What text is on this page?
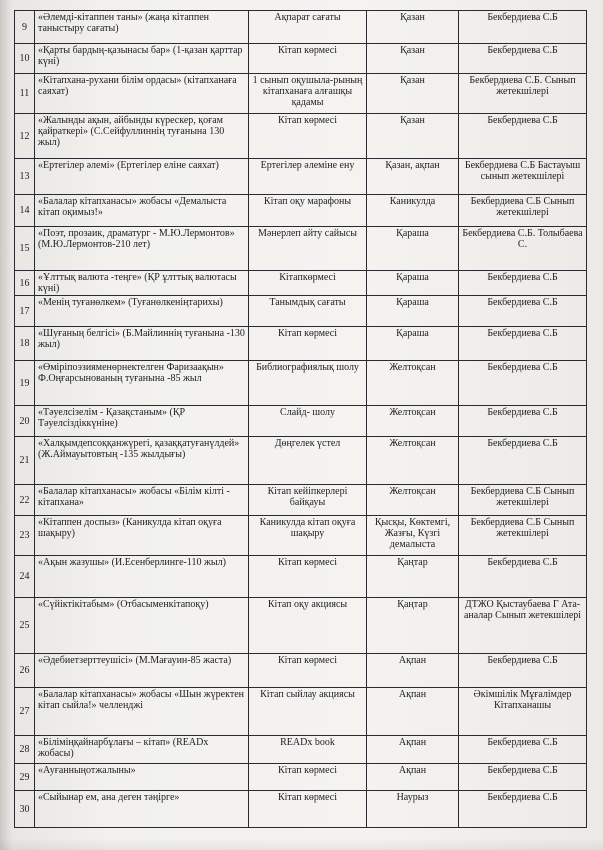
9	«Әлемді-кітаппен таны» (жаңа кітаппен таныстыру сағаты)	Ақпарат сағаты	Қазан	Бекбердиева С.Б
10	«Қарты бардың-қазынасы бар» (1-қазан қарттар күні)	Кітап көрмесі	Қазан	Бекбердиева С.Б
11	«Кітапхана-рухани білім ордасы» (кітапханаға саяхат)	1 сынып оқушыла-рының кітапханаға алғашқы қадамы	Қазан	Бекбердиева С.Б. Сынып жетекшілері
12	«Жалынды ақын, айбынды күрескер, қоғам қайраткері» (С.Сейфуллиннің туғанына 130 жыл)	Кітап көрмесі	Қазан	Бекбердиева С.Б
13	«Ертегілер әлемі» (Ертегілер еліне саяхат)	Ертегілер әлеміне ену	Қазан, ақпан	Бекбердиева С.Б Бастауыш сынып жетекшілері
14	«Балалар кітапханасы» жобасы «Демалыста кітап оқимыз!»	Кітап оқу марафоны	Каникулда	Бекбердиева С.Б Сынып жетекшілері
15	«Поэт, прозаик, драматург - М.Ю.Лермонтов» (М.Ю.Лермонтов-210 лет)	Мәнерлеп айту сайысы	Қараша	Бекбердиева С.Б. Толыбаева С.
16	«Ұлттық валюта -теңге» (ҚР ұлттық валютасы күні)	Кітапкөрмесі	Қараша	Бекбердиева С.Б
17	«Менің туғанөлкем» (Туғанөлкеніңтарихы)	Танымдық сағаты	Қараша	Бекбердиева С.Б
18	«Шуғаның белгісі» (Б.Майлиннің туғанына -130 жыл)	Кітап көрмесі	Қараша	Бекбердиева С.Б
19	«Өміріпоэзияменөрнектелген Фаризаақын» Ф.Оңғарсынованың туғанына -85 жыл	Библиографиялық шолу	Желтоқсан	Бекбердиева С.Б
20	«Тәуелсізелім - Қазақстаным» (ҚР Тәуелсіздіккүніне)	Слайд- шолу	Желтоқсан	Бекбердиева С.Б
21	«Халқымдепсоққанжүрегі, қазаққатуғанүлдей» (Ж.Аймауытовтың -135 жылдығы)	Дөңгелек үстел	Желтоқсан	Бекбердиева С.Б
22	«Балалар кітапханасы» жобасы «Білім кілті - кітапхана»	Кітап кейіпкерлері байқауы	Желтоқсан	Бекбердиева С.Б Сынып жетекшілері
23	«Кітаппен доспыз» (Каникулда кітап оқуға шақыру)	Каникулда кітап оқуға шақыру	Қысқы, Көктемгі, Жазғы, Күзгі демалыста	Бекбердиева С.Б Сынып жетекшілері
24	«Ақын жазушы» (И.Есенберлинге-110 жыл)	Кітап көрмесі	Қаңтар	Бекбердиева С.Б
25	«Сүйіктікітабым» (Отбасыменкітапоқу)	Кітап оқу акциясы	Қаңтар	ДТЖО Қыстаубаева Г Ата-аналар Сынып жетекшілері
26	«Әдебиетзерттеушісі» (М.Мағауин-85 жаста)	Кітап көрмесі	Ақпан	Бекбердиева С.Б
27	«Балалар кітапханасы» жобасы «Шын жүректен кітап сыйла!» челленджі	Кітап сыйлау акциясы	Ақпан	Әкімшілік Мұғалімдер Кітапханашы
28	«Біліміңқайнарбұлағы – кітап» (READx жобасы)	READx book	Ақпан	Бекбердиева С.Б
29	«Ауғанныңотжалыны»	Кітап көрмесі	Ақпан	Бекбердиева С.Б
30	«Сыйынар ем, ана деген тәңірге»	Кітап көрмесі	Наурыз	Бекбердиева С.Б
